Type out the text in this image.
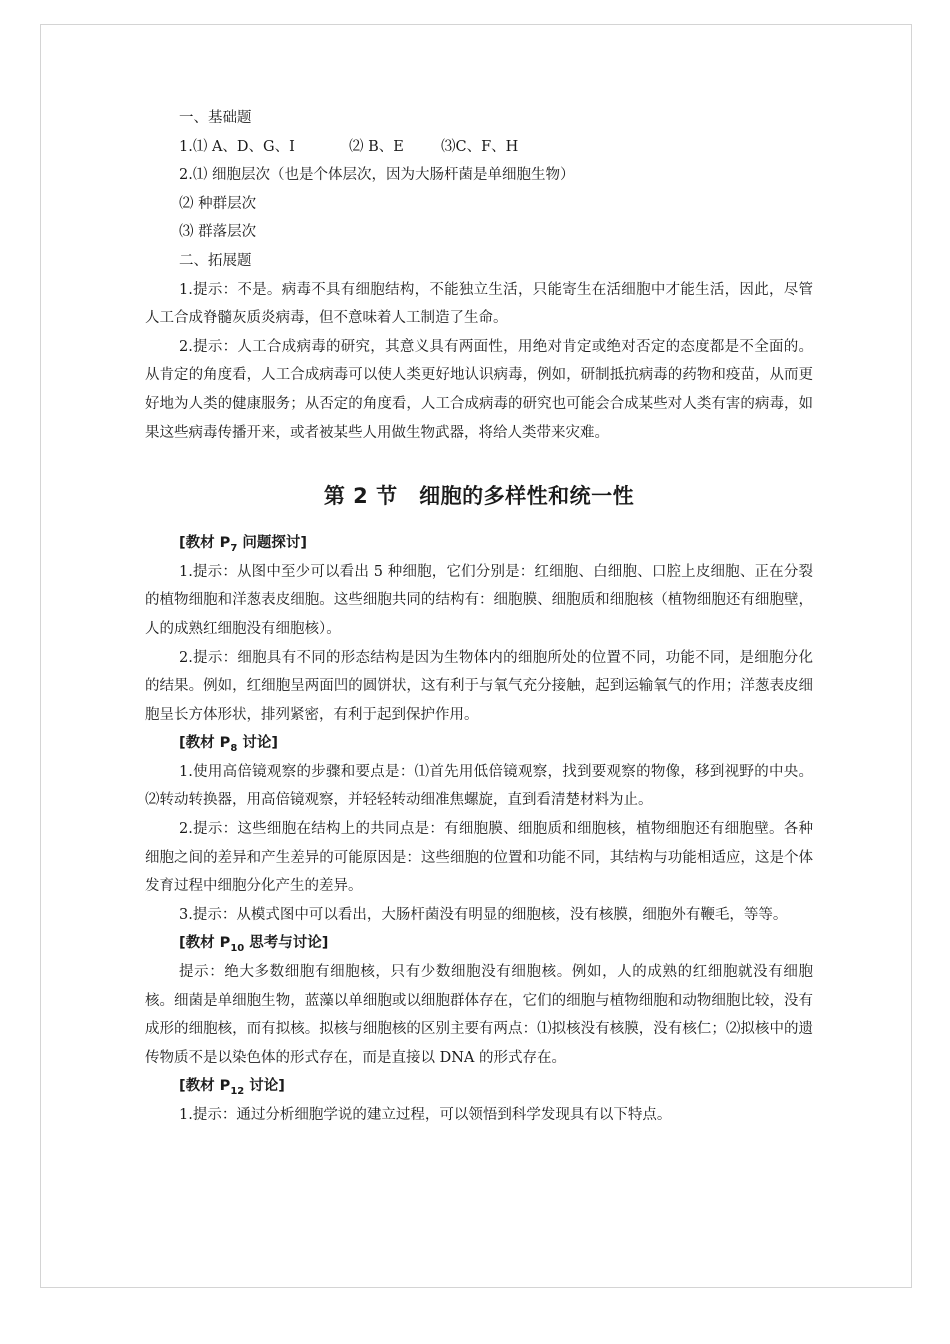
一、基础题

1.⑴ A、D、G、I	⑵ B、E	⑶C、F、H

2.⑴ 细胞层次（也是个体层次，因为大肠杆菌是单细胞生物）

⑵ 种群层次

⑶ 群落层次

二、拓展题

1.提示：不是。病毒不具有细胞结构，不能独立生活，只能寄生在活细胞中才能生活，因此，尽管人工合成脊髓灰质炎病毒，但不意味着人工制造了生命。

2.提示：人工合成病毒的研究，其意义具有两面性，用绝对肯定或绝对否定的态度都是不全面的。从肯定的角度看，人工合成病毒可以使人类更好地认识病毒，例如，研制抵抗病毒的药物和疫苗，从而更好地为人类的健康服务；从否定的角度看，人工合成病毒的研究也可能会合成某些对人类有害的病毒，如果这些病毒传播开来，或者被某些人用做生物武器，将给人类带来灾难。

第 2 节　细胞的多样性和统一性

[教材 $P_7$ 问题探讨]

1.提示：从图中至少可以看出 5 种细胞，它们分别是：红细胞、白细胞、口腔上皮细胞、正在分裂的植物细胞和洋葱表皮细胞。这些细胞共同的结构有：细胞膜、细胞质和细胞核（植物细胞还有细胞壁，人的成熟红细胞没有细胞核）。

2.提示：细胞具有不同的形态结构是因为生物体内的细胞所处的位置不同，功能不同，是细胞分化的结果。例如，红细胞呈两面凹的圆饼状，这有利于与氧气充分接触，起到运输氧气的作用；洋葱表皮细胞呈长方体形状，排列紧密，有利于起到保护作用。

[教材 $P_8$ 讨论]

1.使用高倍镜观察的步骤和要点是：⑴首先用低倍镜观察，找到要观察的物像，移到视野的中央。⑵转动转换器，用高倍镜观察，并轻轻转动细准焦螺旋，直到看清楚材料为止。

2.提示：这些细胞在结构上的共同点是：有细胞膜、细胞质和细胞核，植物细胞还有细胞壁。各种细胞之间的差异和产生差异的可能原因是：这些细胞的位置和功能不同，其结构与功能相适应，这是个体发育过程中细胞分化产生的差异。

3.提示：从模式图中可以看出，大肠杆菌没有明显的细胞核，没有核膜，细胞外有鞭毛，等等。

[教材 $P_{10}$ 思考与讨论]

提示：绝大多数细胞有细胞核，只有少数细胞没有细胞核。例如，人的成熟的红细胞就没有细胞核。细菌是单细胞生物，蓝藻以单细胞或以细胞群体存在，它们的细胞与植物细胞和动物细胞比较，没有成形的细胞核，而有拟核。拟核与细胞核的区别主要有两点：⑴拟核没有核膜，没有核仁；⑵拟核中的遗传物质不是以染色体的形式存在，而是直接以 DNA 的形式存在。

[教材 $P_{12}$ 讨论]

1.提示：通过分析细胞学说的建立过程，可以领悟到科学发现具有以下特点。
